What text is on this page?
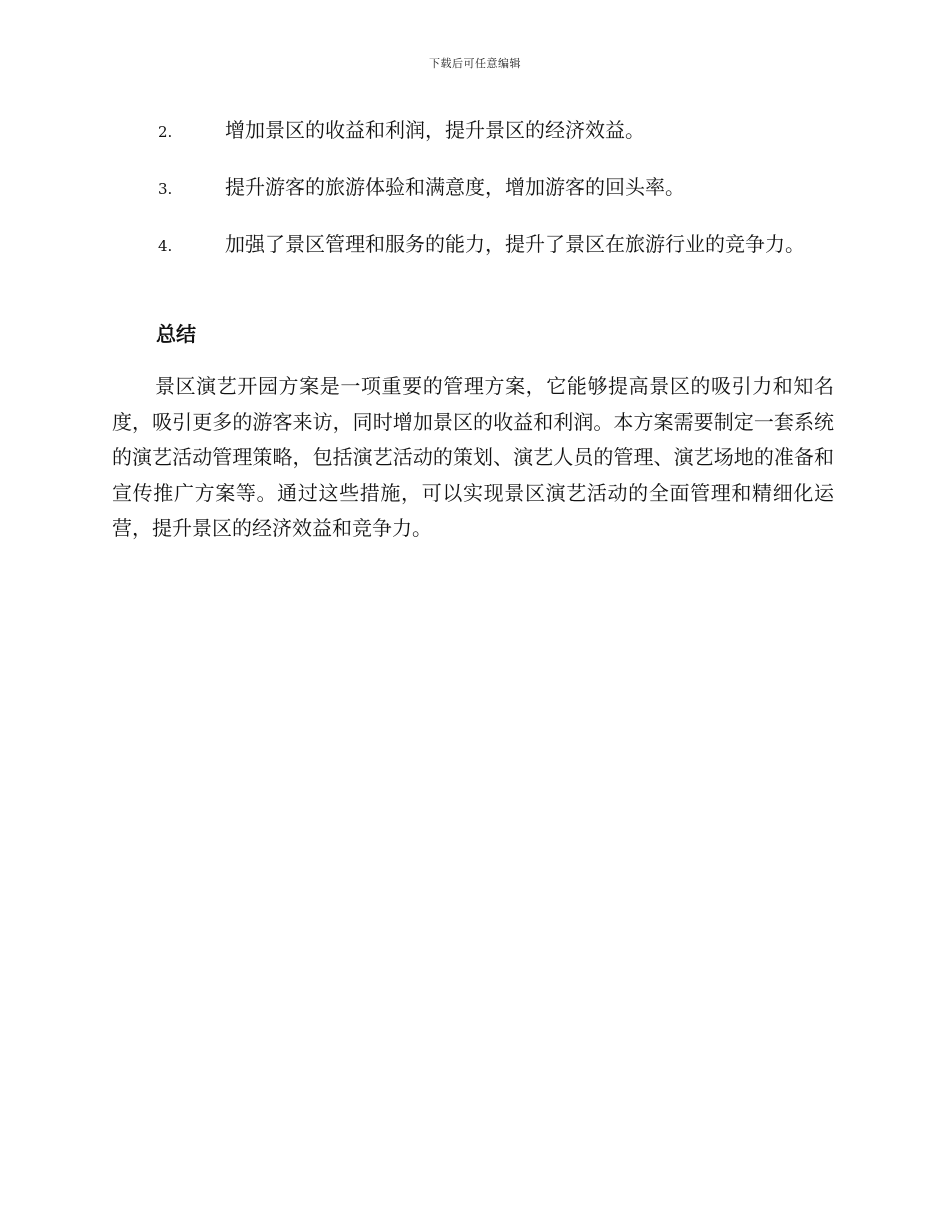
下载后可任意编辑
2.	增加景区的收益和利润，提升景区的经济效益。
3.	提升游客的旅游体验和满意度，增加游客的回头率。
4.	加强了景区管理和服务的能力，提升了景区在旅游行业的竞争力。
总结

景区演艺开园方案是一项重要的管理方案，它能够提高景区的吸引力和知名度，吸引更多的游客来访，同时增加景区的收益和利润。本方案需要制定一套系统的演艺活动管理策略，包括演艺活动的策划、演艺人员的管理、演艺场地的准备和宣传推广方案等。通过这些措施，可以实现景区演艺活动的全面管理和精细化运营，提升景区的经济效益和竞争力。
